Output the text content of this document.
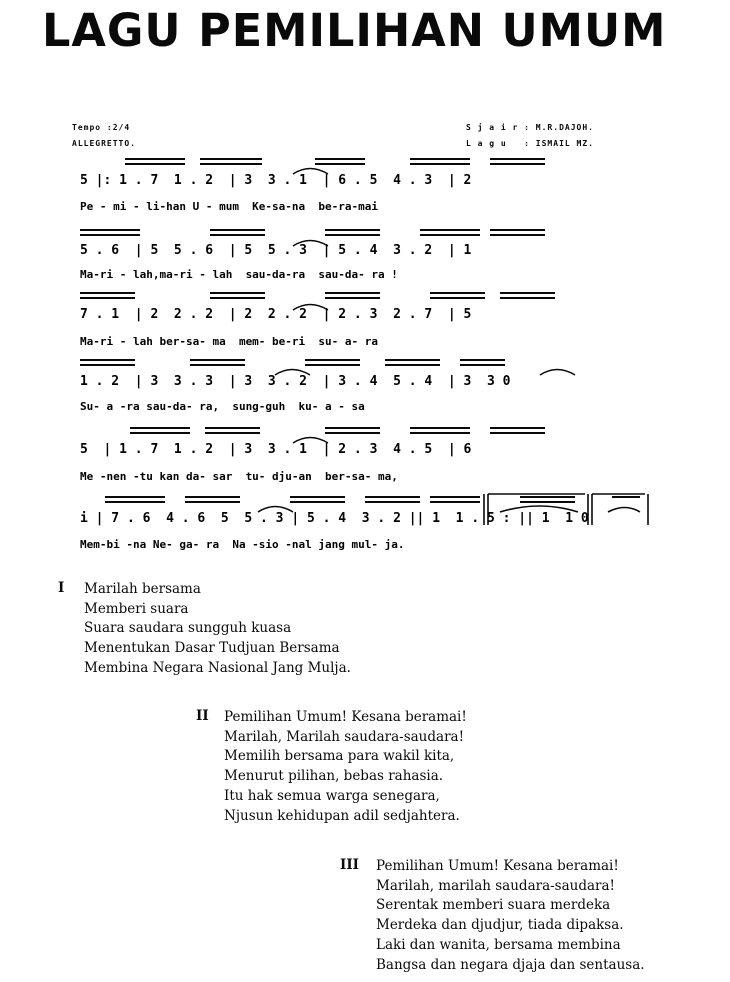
LAGU PEMILIHAN UMUM
Tempo :2/4
ALLEGRETTO.
S j a i r : M.R.DAJOH.
L a g u   : ISMAIL MZ.
5 |: 1 . 7  1 . 2  | 3  3 . 1  | 6 . 5  4 . 3  | 2
Pe - mi - li-han U - mum  Ke-sa-na  be-ra-mai
5 . 6  | 5  5 . 6  | 5  5 . 3  | 5 . 4  3 . 2  | 1
Ma-ri - lah,ma-ri - lah  sau-da-ra  sau-da- ra !
7 . 1  | 2  2 . 2  | 2  2 . 2  | 2 . 3  2 . 7  | 5
Ma-ri - lah ber-sa- ma  mem- be-ri  su- a- ra
1 . 2  | 3  3 . 3  | 3  3 . 2  | 3 . 4  5 . 4  | 3  3 0
Su- a -ra sau-da- ra,  sung-guh  ku- a - sa
5  | 1 . 7  1 . 2  | 3  3 . 1  | 2 . 3  4 . 5  | 6
Me -nen -tu kan da- sar  tu- dju-an  ber-sa- ma,
i | 7 . 6  4 . 6  5  5 . 3 | 5 . 4  3 . 2 || 1  1 . 5 : || 1  1 0
Mem-bi -na Ne- ga- ra  Na -sio -nal jang mul- ja.
I Marilah bersama
Memberi suara
Suara saudara sungguh kuasa
Menentukan Dasar Tudjuan Bersama
Membina Negara Nasional Jang Mulja.
II Pemilihan Umum! Kesana beramai!
Marilah, Marilah saudara-saudara!
Memilih bersama para wakil kita,
Menurut pilihan, bebas rahasia.
Itu hak semua warga senegara,
Njusun kehidupan adil sedjahtera.
III Pemilihan Umum! Kesana beramai!
Marilah, marilah saudara-saudara!
Serentak memberi suara merdeka
Merdeka dan djudjur, tiada dipaksa.
Laki dan wanita, bersama membina
Bangsa dan negara djaja dan sentausa.
